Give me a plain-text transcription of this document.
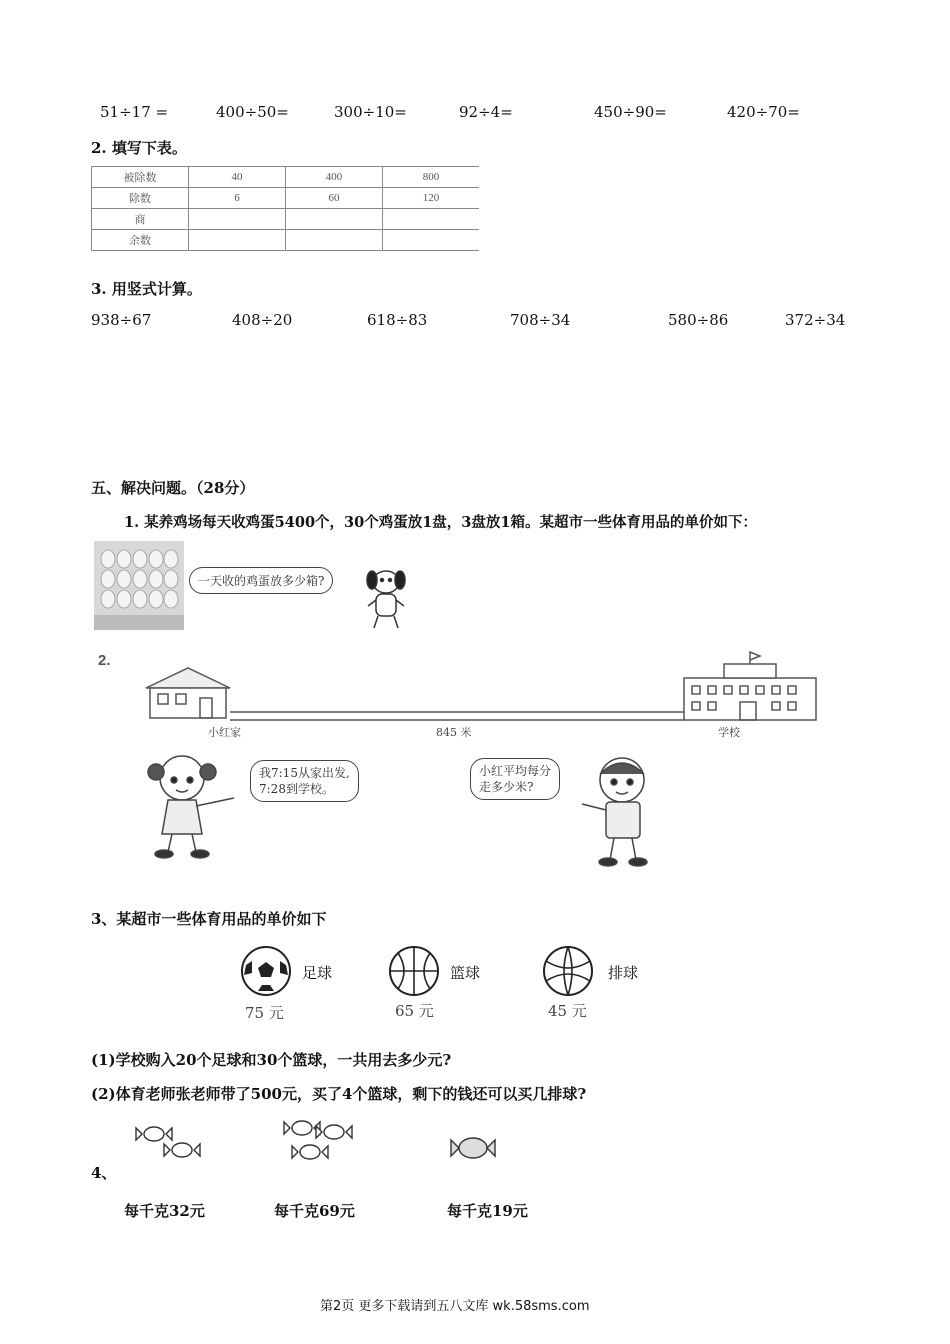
51÷17 =	400÷50=	300÷10=	92÷4=	450÷90=	420÷70=
2. 填写下表。
被除数	40	400	800
除数	6	60	120
商			
余数			
3. 用竖式计算。
938÷67	408÷20	618÷83	708÷34	580÷86	372÷34
五、解决问题。（28分）
1. 某养鸡场每天收鸡蛋5400个，30个鸡蛋放1盘，3盘放1箱。某超市一些体育用品的单价如下：
一天收的鸡蛋放多少箱?
2.
小红家	845 米	学校
我7:15从家出发,
7:28到学校。
小红平均每分
走多少米?
3、某超市一些体育用品的单价如下
足球
75 元
篮球
65 元
排球
45 元
(1)学校购入20个足球和30个篮球，一共用去多少元?
(2)体育老师张老师带了500元，买了4个篮球，剩下的钱还可以买几排球?
4、
每千克32元	每千克69元	每千克19元
第2页 更多下载请到五八文库 wk.58sms.com
